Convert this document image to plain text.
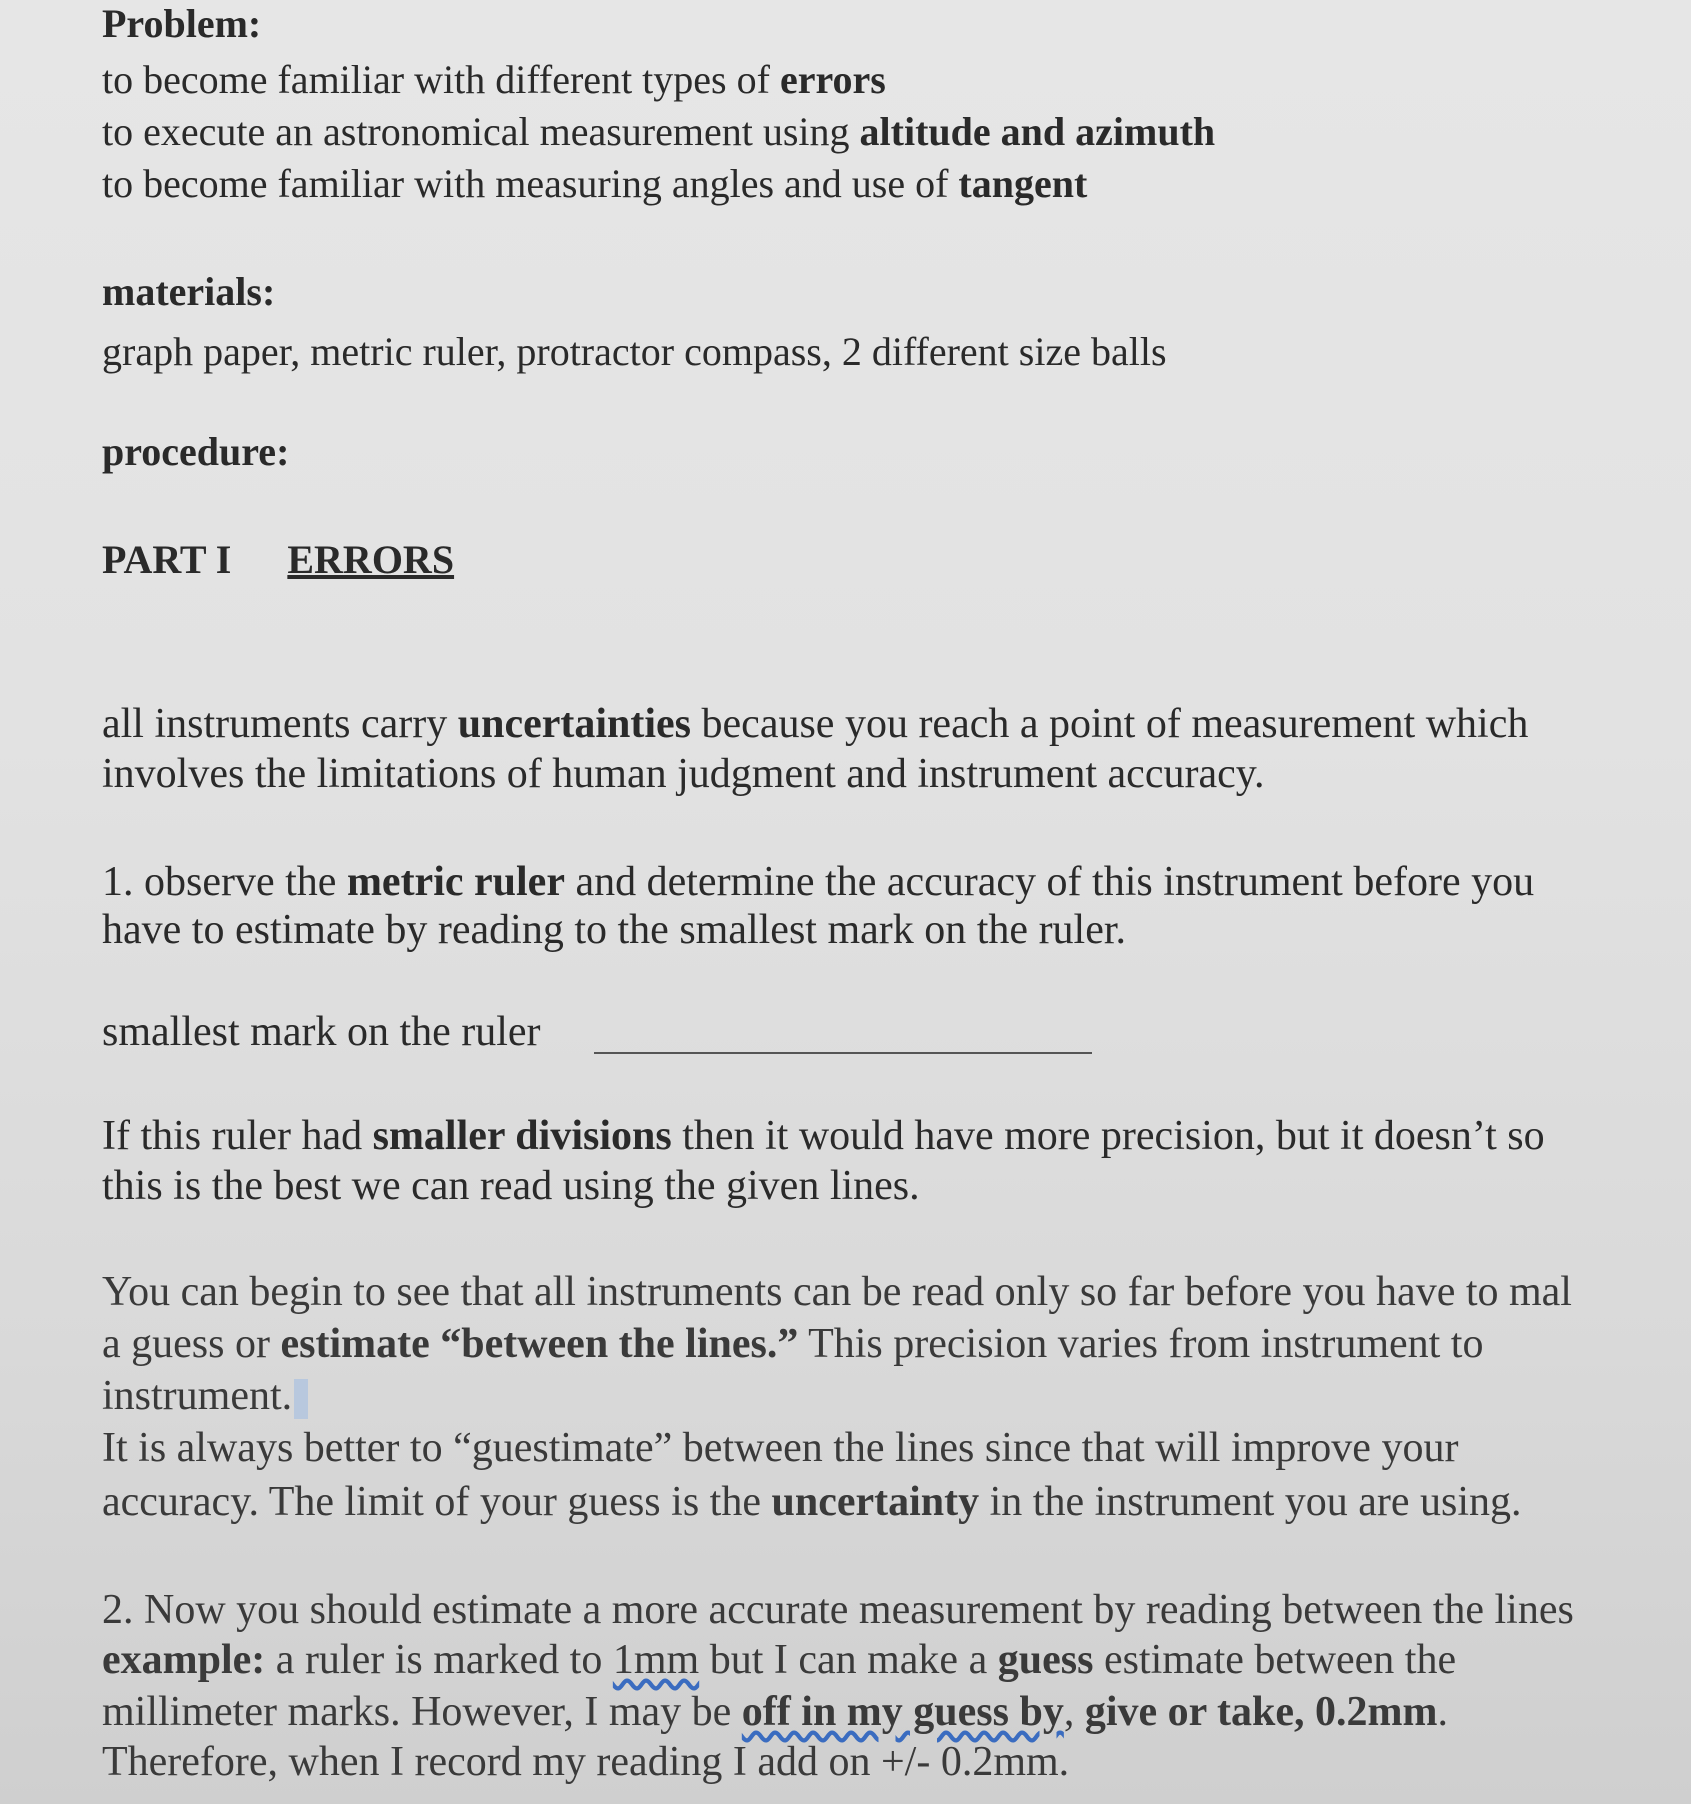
Problem:
to become familiar with different types of errors
to execute an astronomical measurement using altitude and azimuth
to become familiar with measuring angles and use of tangent
materials:
graph paper, metric ruler, protractor compass, 2 different size balls
procedure:
PART I ERRORS
all instruments carry uncertainties because you reach a point of measurement which
involves the limitations of human judgment and instrument accuracy.
1. observe the metric ruler and determine the accuracy of this instrument before you
have to estimate by reading to the smallest mark on the ruler.
smallest mark on the ruler
If this ruler had smaller divisions then it would have more precision, but it doesn’t so
this is the best we can read using the given lines.
You can begin to see that all instruments can be read only so far before you have to mal
a guess or estimate “between the lines.” This precision varies from instrument to
instrument.
It is always better to “guestimate” between the lines since that will improve your
accuracy. The limit of your guess is the uncertainty in the instrument you are using.
2. Now you should estimate a more accurate measurement by reading between the lines
example: a ruler is marked to 1mm but I can make a guess estimate between the
millimeter marks. However, I may be off in my guess by, give or take, 0.2mm.
Therefore, when I record my reading I add on +/- 0.2mm.
